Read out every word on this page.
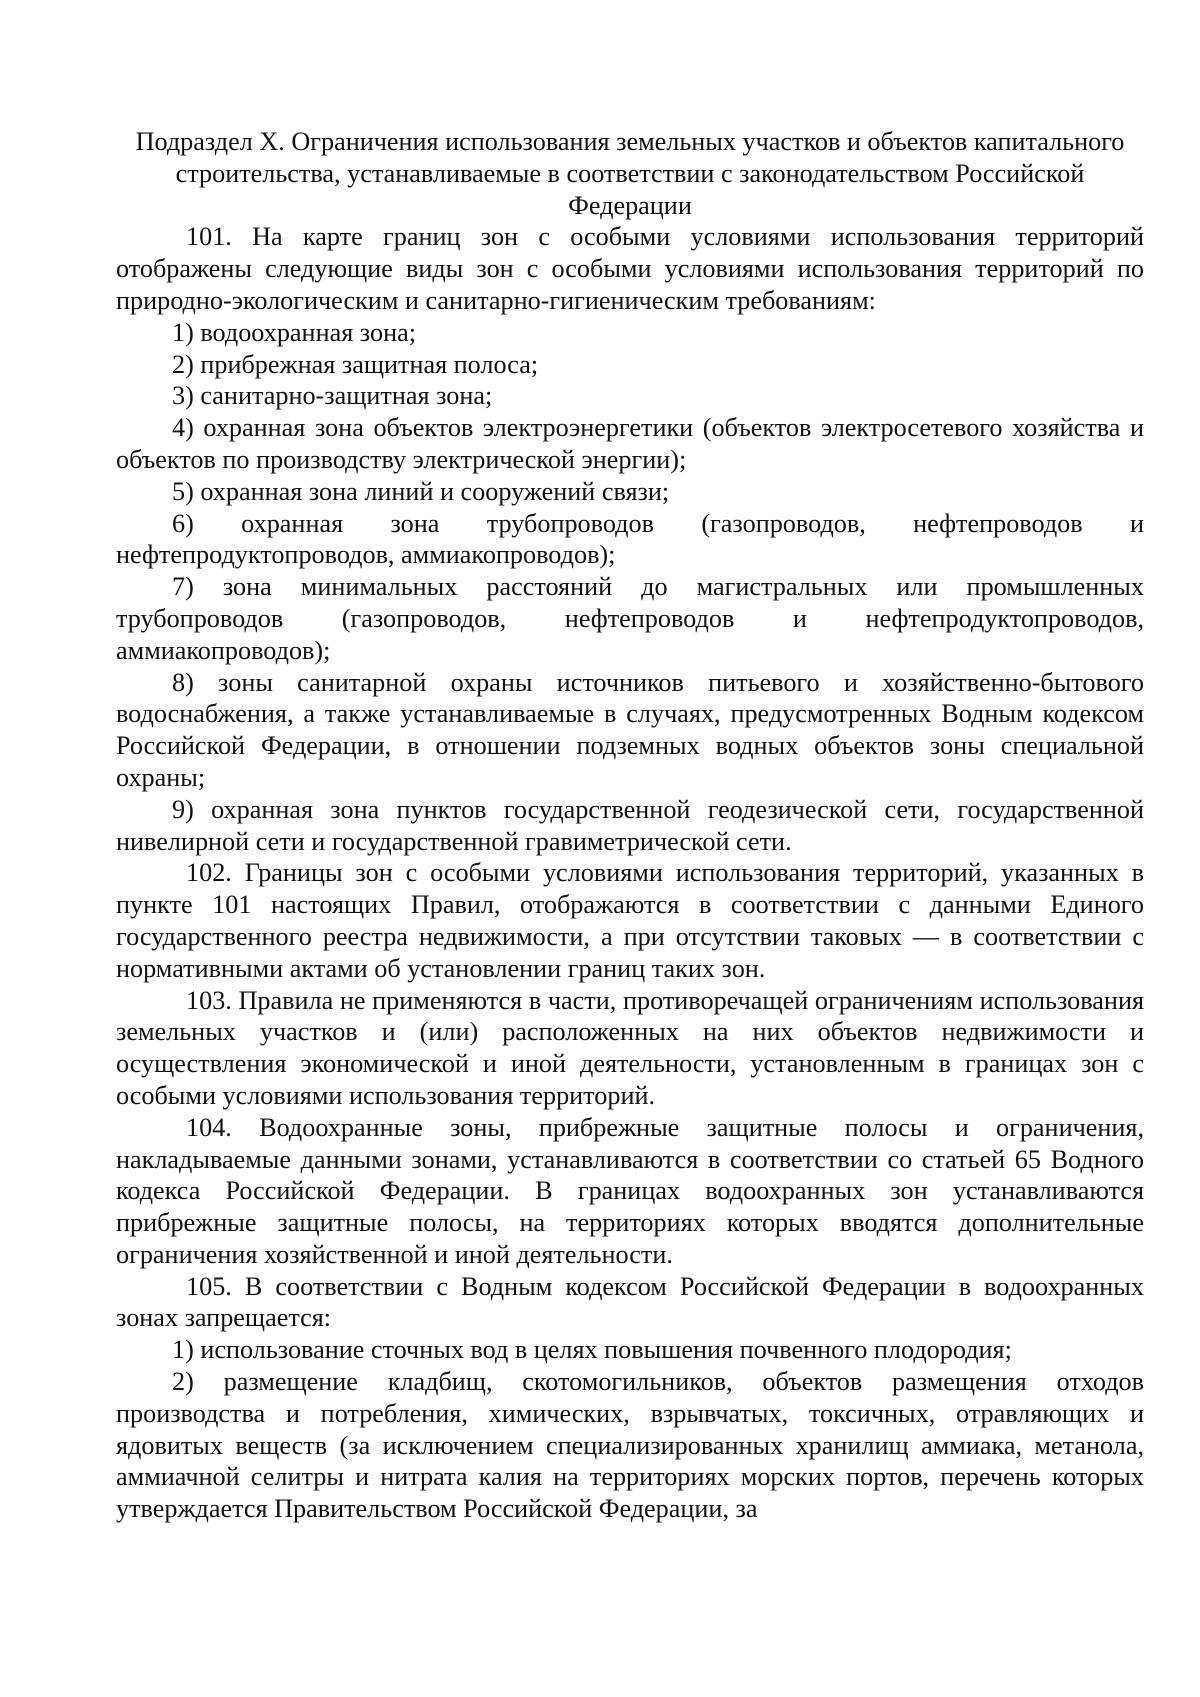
Подраздел X. Ограничения использования земельных участков и объектов капитального строительства, устанавливаемые в соответствии с законодательством Российской Федерации

101. На карте границ зон с особыми условиями использования территорий отображены следующие виды зон с особыми условиями использования территорий по природно-экологическим и санитарно-гигиеническим требованиям:

1) водоохранная зона;

2) прибрежная защитная полоса;

3) санитарно-защитная зона;

4) охранная зона объектов электроэнергетики (объектов электросетевого хозяйства и объектов по производству электрической энергии);

5) охранная зона линий и сооружений связи;

6) охранная зона трубопроводов (газопроводов, нефтепроводов и нефтепродуктопроводов, аммиакопроводов);

7) зона минимальных расстояний до магистральных или промышленных трубопроводов (газопроводов, нефтепроводов и нефтепродуктопроводов, аммиакопроводов);

8) зоны санитарной охраны источников питьевого и хозяйственно-бытового водоснабжения, а также устанавливаемые в случаях, предусмотренных Водным кодексом Российской Федерации, в отношении подземных водных объектов зоны специальной охраны;

9) охранная зона пунктов государственной геодезической сети, государственной нивелирной сети и государственной гравиметрической сети.

102. Границы зон с особыми условиями использования территорий, указанных в пункте 101 настоящих Правил, отображаются в соответствии с данными Единого государственного реестра недвижимости, а при отсутствии таковых — в соответствии с нормативными актами об установлении границ таких зон.

103. Правила не применяются в части, противоречащей ограничениям использования земельных участков и (или) расположенных на них объектов недвижимости и осуществления экономической и иной деятельности, установленным в границах зон с особыми условиями использования территорий.

104. Водоохранные зоны, прибрежные защитные полосы и ограничения, накладываемые данными зонами, устанавливаются в соответствии со статьей 65 Водного кодекса Российской Федерации. В границах водоохранных зон устанавливаются прибрежные защитные полосы, на территориях которых вводятся дополнительные ограничения хозяйственной и иной деятельности.

105. В соответствии с Водным кодексом Российской Федерации в водоохранных зонах запрещается:

1) использование сточных вод в целях повышения почвенного плодородия;

2) размещение кладбищ, скотомогильников, объектов размещения отходов производства и потребления, химических, взрывчатых, токсичных, отравляющих и ядовитых веществ (за исключением специализированных хранилищ аммиака, метанола, аммиачной селитры и нитрата калия на территориях морских портов, перечень которых утверждается Правительством Российской Федерации, за
